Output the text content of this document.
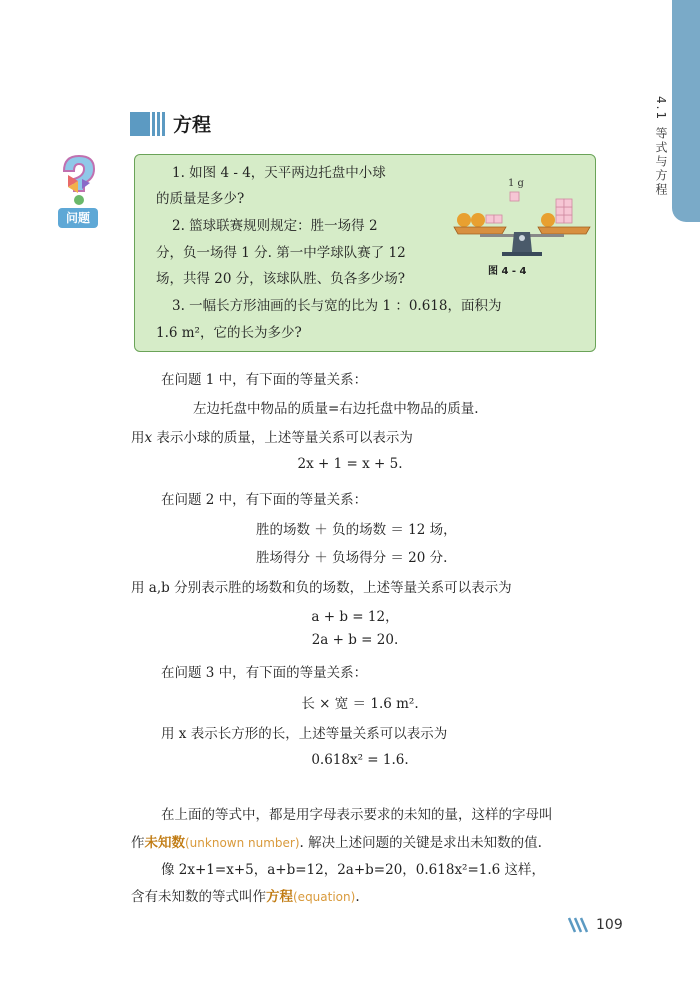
4.1 等式与方程
方程
问题
1. 如图 4 - 4，天平两边托盘中小球
的质量是多少?
2. 篮球联赛规则规定：胜一场得 2
分，负一场得 1 分. 第一中学球队赛了 12
场，共得 20 分，该球队胜、负各多少场?
3. 一幅长方形油画的长与宽的比为 1 ：0.618，面积为
1.6 m²，它的长为多少?
1 g
图 4 - 4
在问题 1 中，有下面的等量关系：
左边托盘中物品的质量=右边托盘中物品的质量.
用x 表示小球的质量，上述等量关系可以表示为
2x + 1 = x + 5.
在问题 2 中，有下面的等量关系：
胜的场数 ＋ 负的场数 ＝ 12 场，
胜场得分 ＋ 负场得分 ＝ 20 分.
用 a,b 分别表示胜的场数和负的场数，上述等量关系可以表示为
a + b = 12，
2a + b = 20.
在问题 3 中，有下面的等量关系：
长 × 宽 ＝ 1.6 m².
用 x 表示长方形的长，上述等量关系可以表示为
0.618x² = 1.6.
在上面的等式中，都是用字母表示要求的未知的量，这样的字母叫
作未知数(unknown number). 解决上述问题的关键是求出未知数的值.
像 2x+1=x+5，a+b=12，2a+b=20，0.618x²=1.6 这样，
含有未知数的等式叫作方程(equation).
109
